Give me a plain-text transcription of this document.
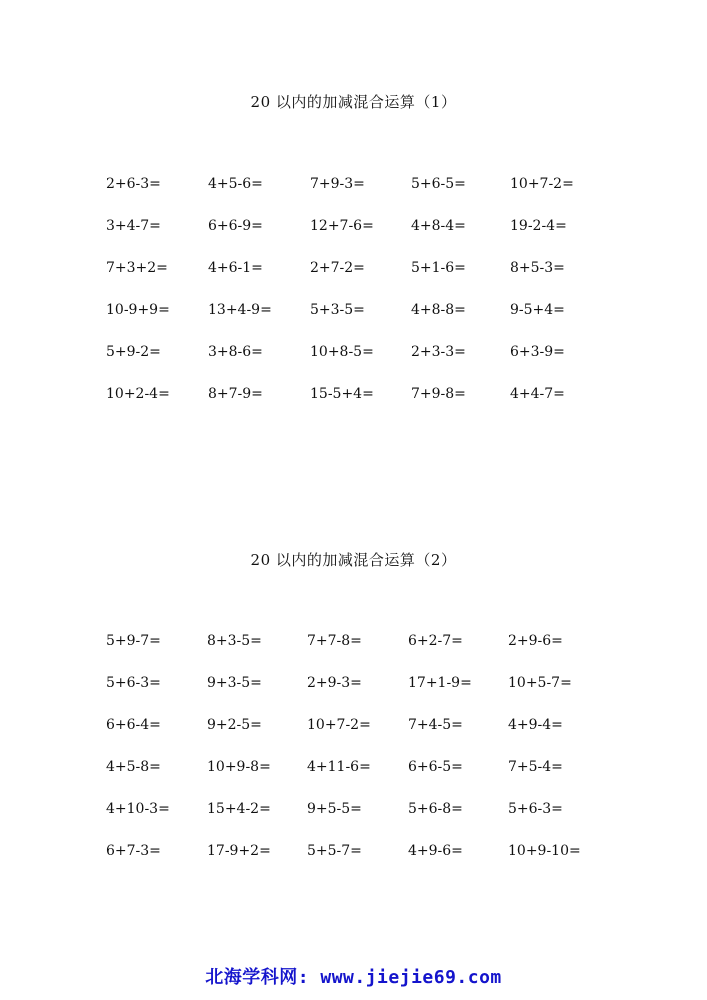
20 以内的加减混合运算（1）
2+6-3=	4+5-6=	7+9-3=	5+6-5=	10+7-2=
3+4-7=	6+6-9=	12+7-6=	4+8-4=	19-2-4=
7+3+2=	4+6-1=	2+7-2=	5+1-6=	8+5-3=
10-9+9=	13+4-9=	5+3-5=	4+8-8=	9-5+4=
5+9-2=	3+8-6=	10+8-5=	2+3-3=	6+3-9=
10+2-4=	8+7-9=	15-5+4=	7+9-8=	4+4-7=
20 以内的加减混合运算（2）
5+9-7=	8+3-5=	7+7-8=	6+2-7=	2+9-6=
5+6-3=	9+3-5=	2+9-3=	17+1-9=	10+5-7=
6+6-4=	9+2-5=	10+7-2=	7+4-5=	4+9-4=
4+5-8=	10+9-8=	4+11-6=	6+6-5=	7+5-4=
4+10-3=	15+4-2=	9+5-5=	5+6-8=	5+6-3=
6+7-3=	17-9+2=	5+5-7=	4+9-6=	10+9-10=
北海学科网: www.jiejie69.com
